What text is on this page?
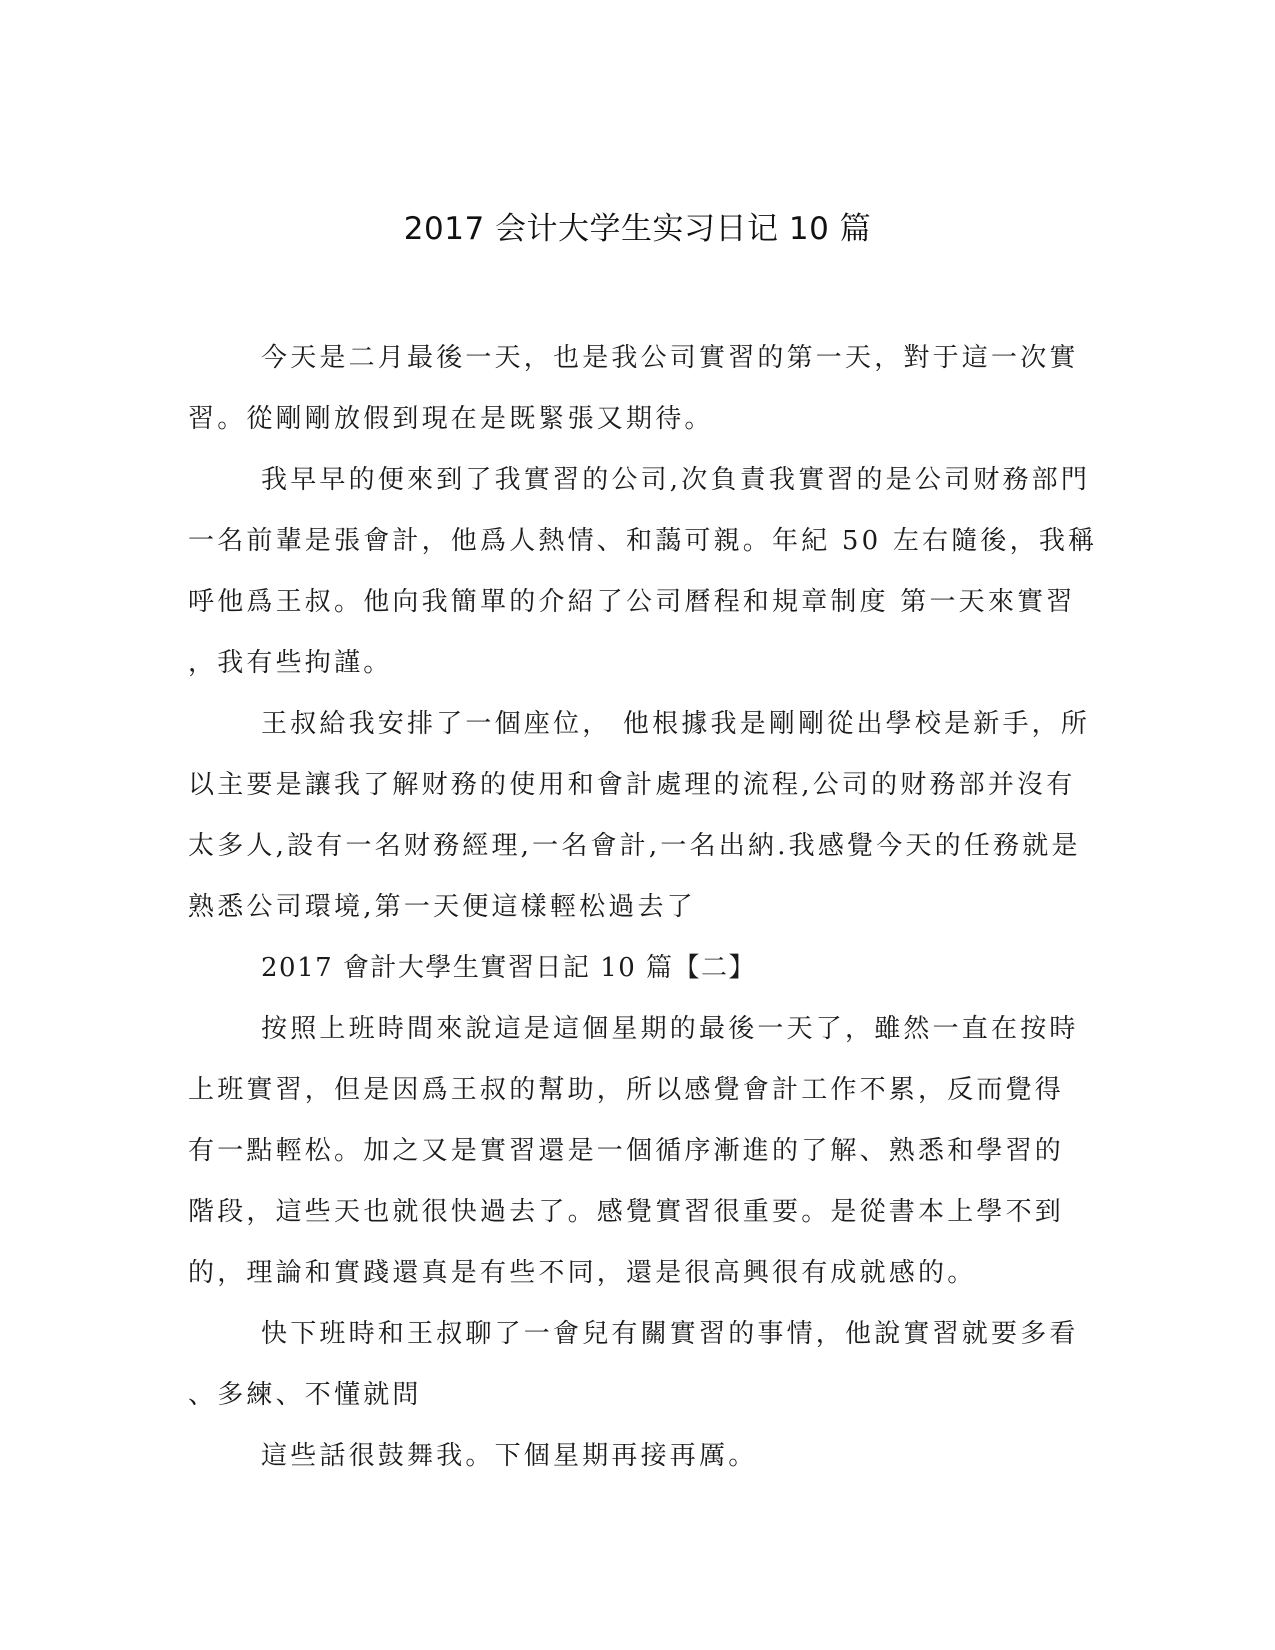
2017 会计大学生实习日记 10 篇

今天是二月最後一天，也是我公司實習的第一天，對于這一次實
習。從剛剛放假到現在是既緊張又期待。

我早早的便來到了我實習的公司,次負責我實習的是公司财務部門
一名前輩是張會計，他爲人熱情、和藹可親。年紀 50 左右隨後，我稱
呼他爲王叔。他向我簡單的介紹了公司曆程和規章制度 第一天來實習
，我有些拘謹。

王叔給我安排了一個座位， 他根據我是剛剛從出學校是新手，所
以主要是讓我了解财務的使用和會計處理的流程,公司的财務部并沒有
太多人,設有一名财務經理,一名會計,一名出納.我感覺今天的任務就是
熟悉公司環境,第一天便這樣輕松過去了

2017 會計大學生實習日記 10 篇【二】

按照上班時間來說這是這個星期的最後一天了，雖然一直在按時
上班實習，但是因爲王叔的幫助，所以感覺會計工作不累，反而覺得
有一點輕松。加之又是實習還是一個循序漸進的了解、熟悉和學習的
階段，這些天也就很快過去了。感覺實習很重要。是從書本上學不到
的，理論和實踐還真是有些不同，還是很高興很有成就感的。

快下班時和王叔聊了一會兒有關實習的事情，他說實習就要多看
、多練、不懂就問

這些話很鼓舞我。下個星期再接再厲。
